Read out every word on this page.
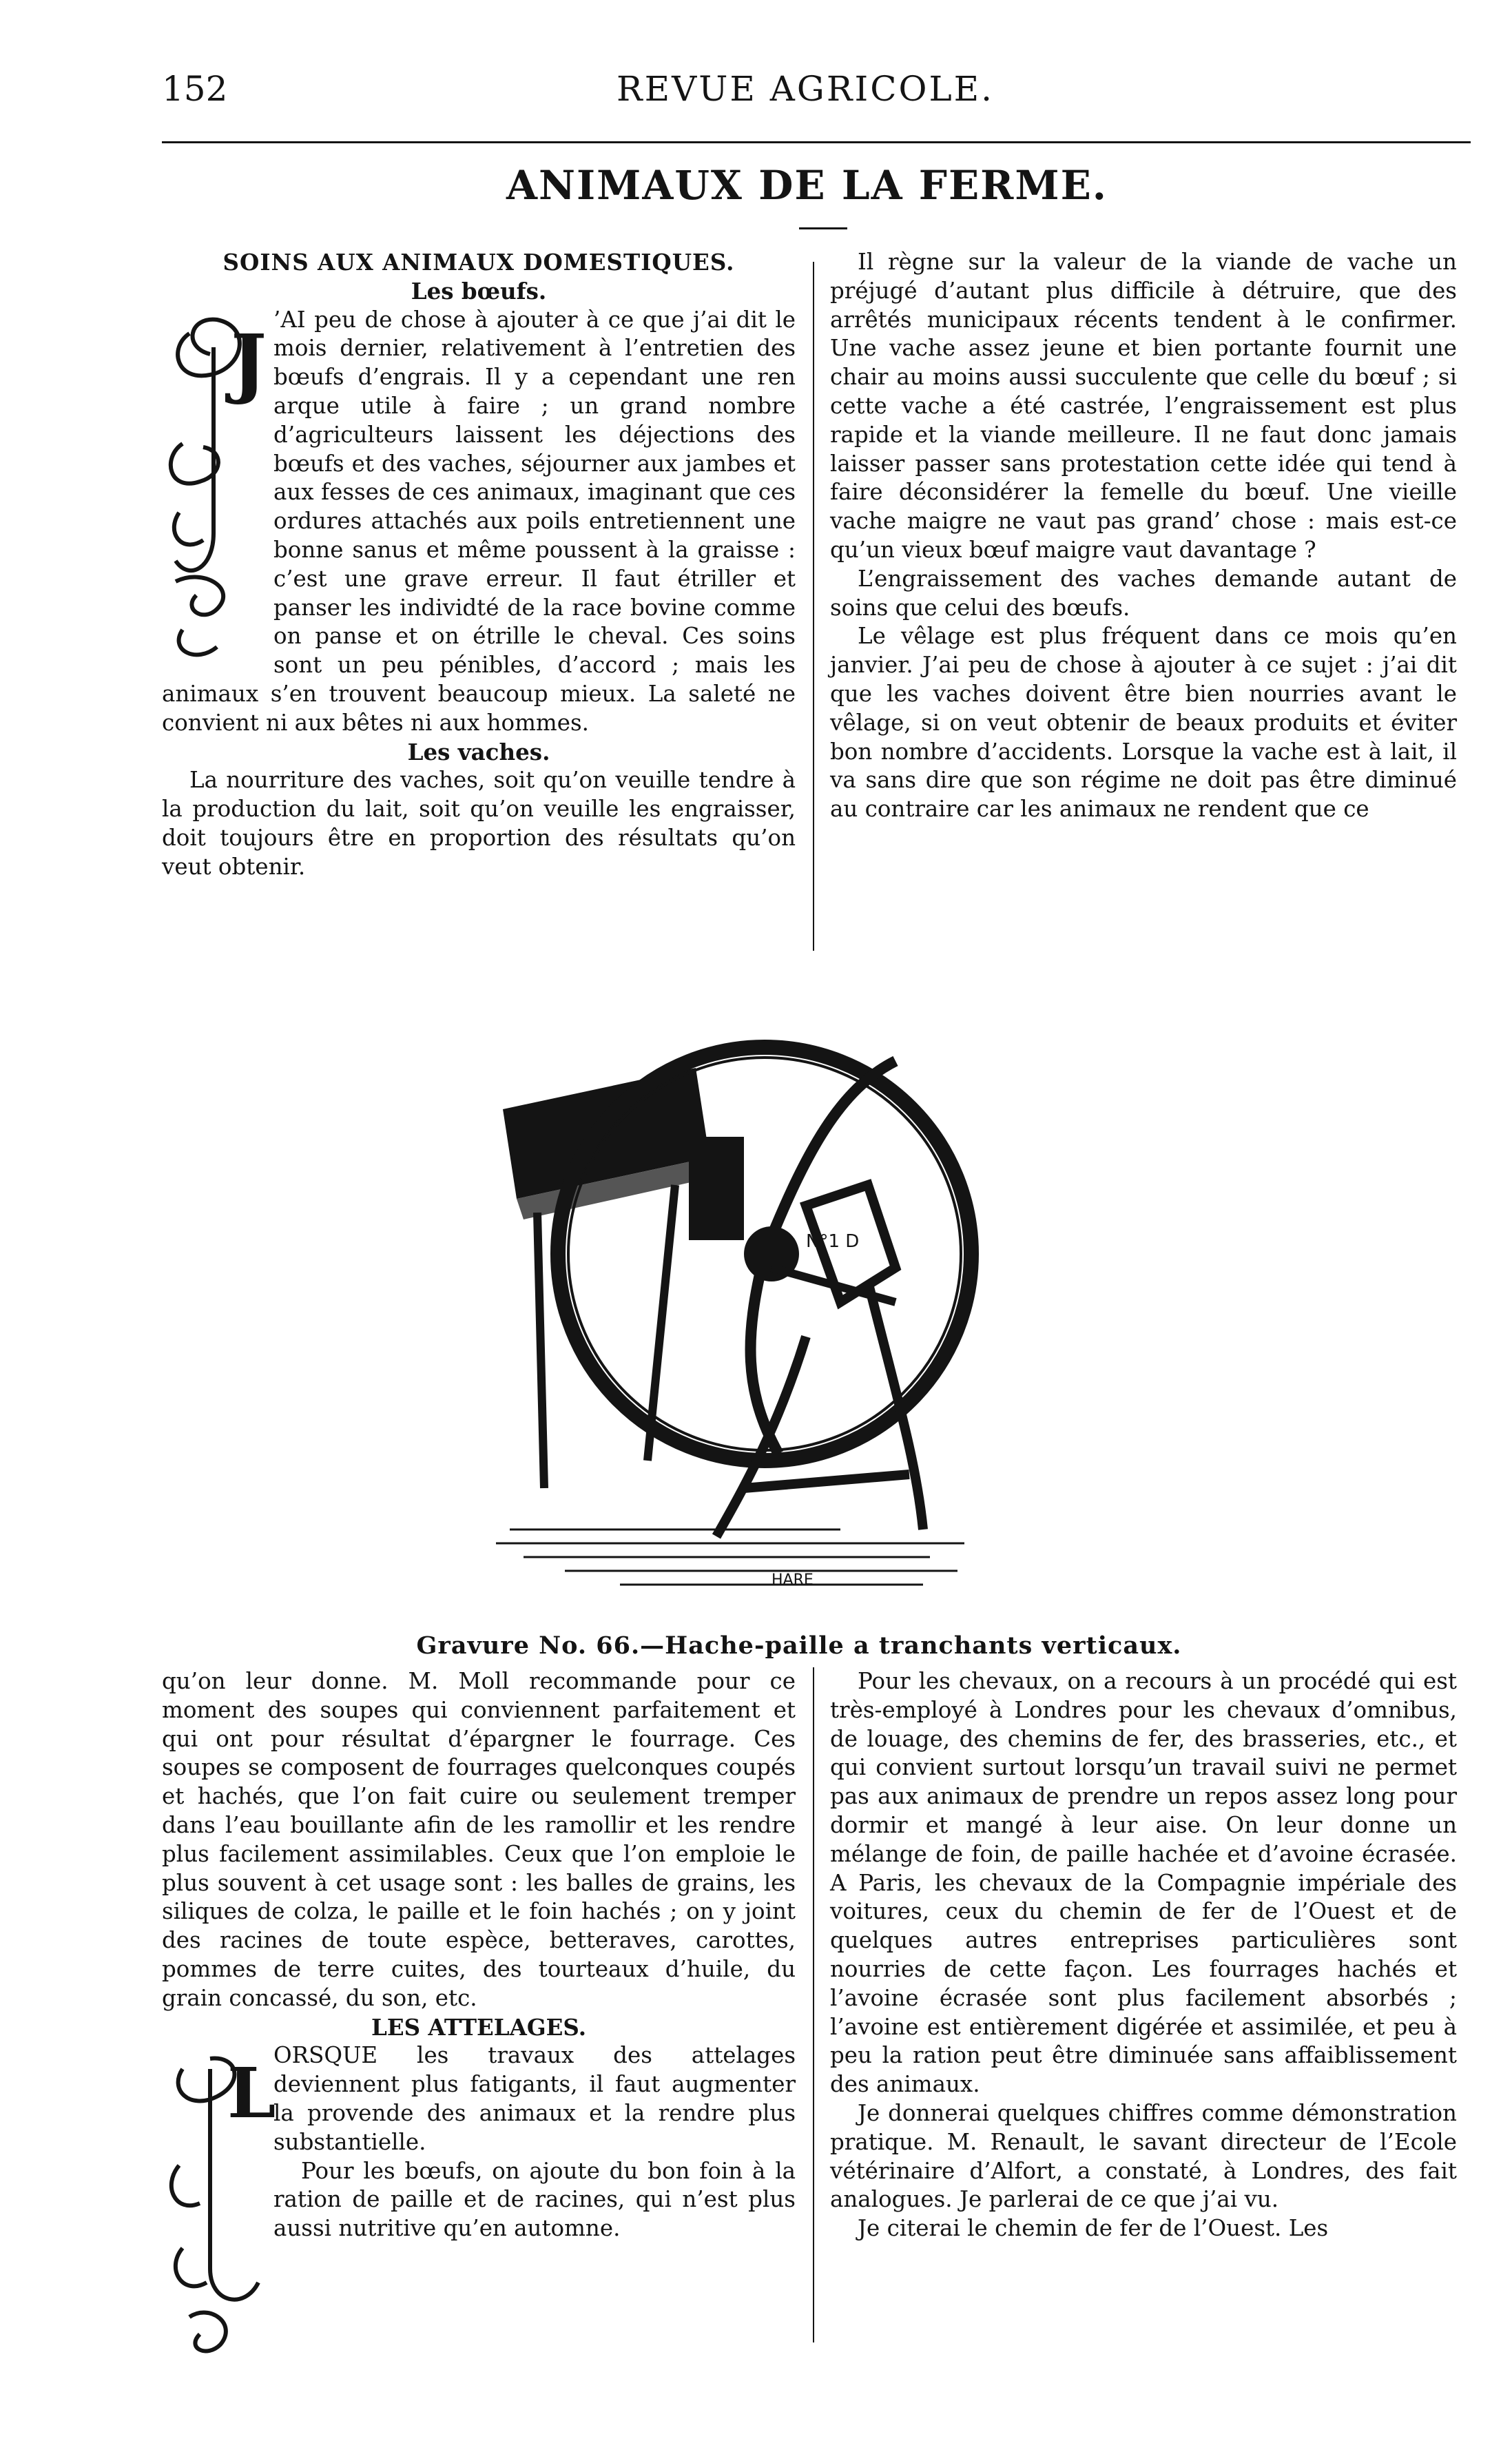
152	REVUE AGRICOLE.
ANIMAUX DE LA FERME.

SOINS AUX ANIMAUX DOMESTIQUES.

Les bœufs.

J ’AI peu de chose à ajouter à ce que j’ai dit le mois dernier, relativement à l’entretien des bœufs d’engrais. Il y a cependant une ren arque utile à faire ; un grand nombre d’agriculteurs laissent les déjections des bœufs et des vaches, séjourner aux jambes et aux fesses de ces animaux, imaginant que ces ordures attachés aux poils entretiennent une bonne sanus et même poussent à la graisse : c’est une grave erreur. Il faut étriller et panser les individté de la race bovine comme on panse et on étrille le cheval. Ces soins sont un peu pénibles, d’accord ; mais les animaux s’en trouvent beaucoup mieux. La saleté ne convient ni aux bêtes ni aux hommes.

Les vaches.

La nourriture des vaches, soit qu’on veuille tendre à la production du lait, soit qu’on veuille les engraisser, doit toujours être en proportion des résultats qu’on veut obtenir.

Il règne sur la valeur de la viande de vache un préjugé d’autant plus difficile à détruire, que des arrêtés municipaux récents tendent à le confirmer. Une vache assez jeune et bien portante fournit une chair au moins aussi succulente que celle du bœuf ; si cette vache a été castrée, l’engraissement est plus rapide et la viande meilleure. Il ne faut donc jamais laisser passer sans protestation cette idée qui tend à faire déconsidérer la femelle du bœuf. Une vieille vache maigre ne vaut pas grand’ chose : mais est-ce qu’un vieux bœuf maigre vaut davantage ?

L’engraissement des vaches demande autant de soins que celui des bœufs.

Le vêlage est plus fréquent dans ce mois qu’en janvier. J’ai peu de chose à ajouter à ce sujet : j’ai dit que les vaches doivent être bien nourries avant le vêlage, si on veut obtenir de beaux produits et éviter bon nombre d’accidents. Lorsque la vache est à lait, il va sans dire que son régime ne doit pas être diminué au contraire car les animaux ne rendent que ce

N°1 D
HARE
Gravure No. 66.—Hache-paille a tranchants verticaux.

qu’on leur donne. M. Moll recommande pour ce moment des soupes qui conviennent parfaitement et qui ont pour résultat d’épargner le fourrage. Ces soupes se composent de fourrages quelconques coupés et hachés, que l’on fait cuire ou seulement tremper dans l’eau bouillante afin de les ramollir et les rendre plus facilement assimilables. Ceux que l’on emploie le plus souvent à cet usage sont : les balles de grains, les siliques de colza, le paille et le foin hachés ; on y joint des racines de toute espèce, betteraves, carottes, pommes de terre cuites, des tourteaux d’huile, du grain concassé, du son, etc.

LES ATTELAGES.

L

ORSQUE les travaux des attelages deviennent plus fatigants, il faut augmenter la provende des animaux et la rendre plus substantielle.

Pour les bœufs, on ajoute du bon foin à la ration de paille et de racines, qui n’est plus aussi nutritive qu’en automne.

Pour les chevaux, on a recours à un procédé qui est très-employé à Londres pour les chevaux d’omnibus, de louage, des chemins de fer, des brasseries, etc., et qui convient surtout lorsqu’un travail suivi ne permet pas aux animaux de prendre un repos assez long pour dormir et mangé à leur aise. On leur donne un mélange de foin, de paille hachée et d’avoine écrasée. A Paris, les chevaux de la Compagnie impériale des voitures, ceux du chemin de fer de l’Ouest et de quelques autres entreprises particulières sont nourries de cette façon. Les fourrages hachés et l’avoine écrasée sont plus facilement absorbés ; l’avoine est entièrement digérée et assimilée, et peu à peu la ration peut être diminuée sans affaiblissement des animaux.

Je donnerai quelques chiffres comme démonstration pratique. M. Renault, le savant directeur de l’Ecole vétérinaire d’Alfort, a constaté, à Londres, des fait analogues. Je parlerai de ce que j’ai vu.

Je citerai le chemin de fer de l’Ouest. Les
